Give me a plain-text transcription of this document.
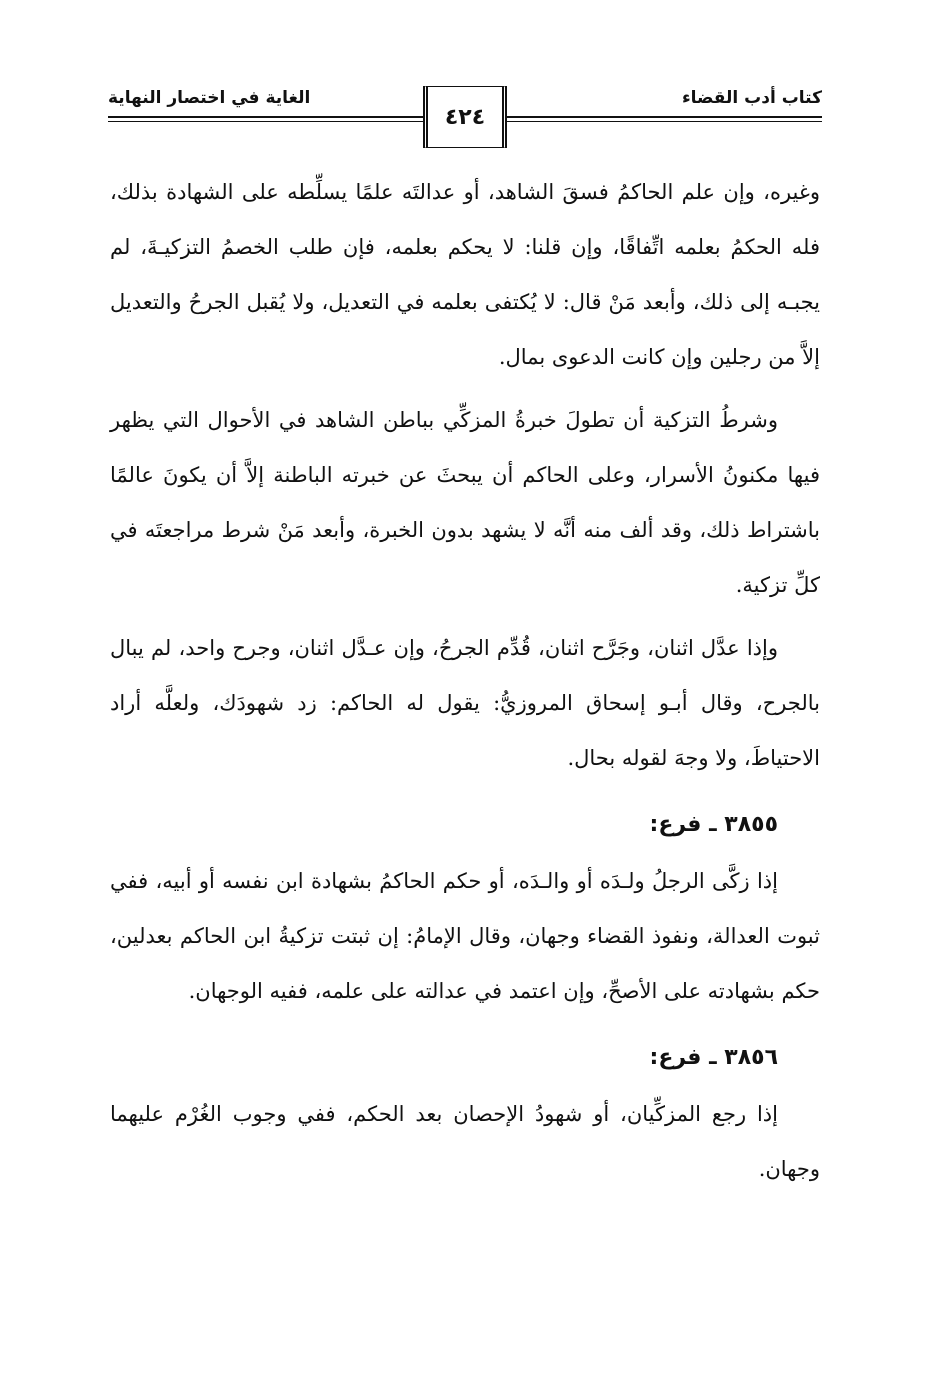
كتاب أدب القضاء
الغاية في اختصار النهاية
٤٢٤

وغيره، وإن علم الحاكمُ فسقَ الشاهد، أو عدالتَه علمًا يسلِّطه على الشهادة بذلك، فله الحكمُ بعلمه اتِّفاقًا، وإن قلنا: لا يحكم بعلمه، فإن طلب الخصمُ التزكيـةَ، لم يجبـه إلى ذلك، وأبعد مَنْ قال: لا يُكتفى بعلمه في التعديل، ولا يُقبل الجرحُ والتعديل إلاَّ من رجلين وإن كانت الدعوى بمال.

وشرطُ التزكية أن تطولَ خبرةُ المزكِّي بباطن الشاهد في الأحوال التي يظهر فيها مكنونُ الأسرار، وعلى الحاكم أن يبحثَ عن خبرته الباطنة إلاَّ أن يكونَ عالمًا باشتراط ذلك، وقد ألف منه أنَّه لا يشهد بدون الخبرة، وأبعد مَنْ شرط مراجعتَه في كلِّ تزكية.

وإذا عدَّل اثنان، وجَرَّح اثنان، قُدِّم الجرحُ، وإن عـدَّل اثنان، وجرح واحد، لم يبال بالجرح، وقال أبـو إسحاق المروزيُّ: يقول له الحاكم: زد شهودَك، ولعلَّه أراد الاحتياطَ، ولا وجهَ لقوله بحال.

٣٨٥٥ ـ فرع:

إذا زكَّى الرجلُ ولـدَه أو والـدَه، أو حكم الحاكمُ بشهادة ابن نفسه أو أبيه، ففي ثبوت العدالة، ونفوذ القضاء وجهان، وقال الإمامُ: إن ثبتت تزكيةُ ابن الحاكم بعدلين، حكم بشهادته على الأصحِّ، وإن اعتمد في عدالته على علمه، ففيه الوجهان.

٣٨٥٦ ـ فرع:

إذا رجع المزكِّيان، أو شهودُ الإحصان بعد الحكم، ففي وجوب الغُرْم عليهما وجهان.
